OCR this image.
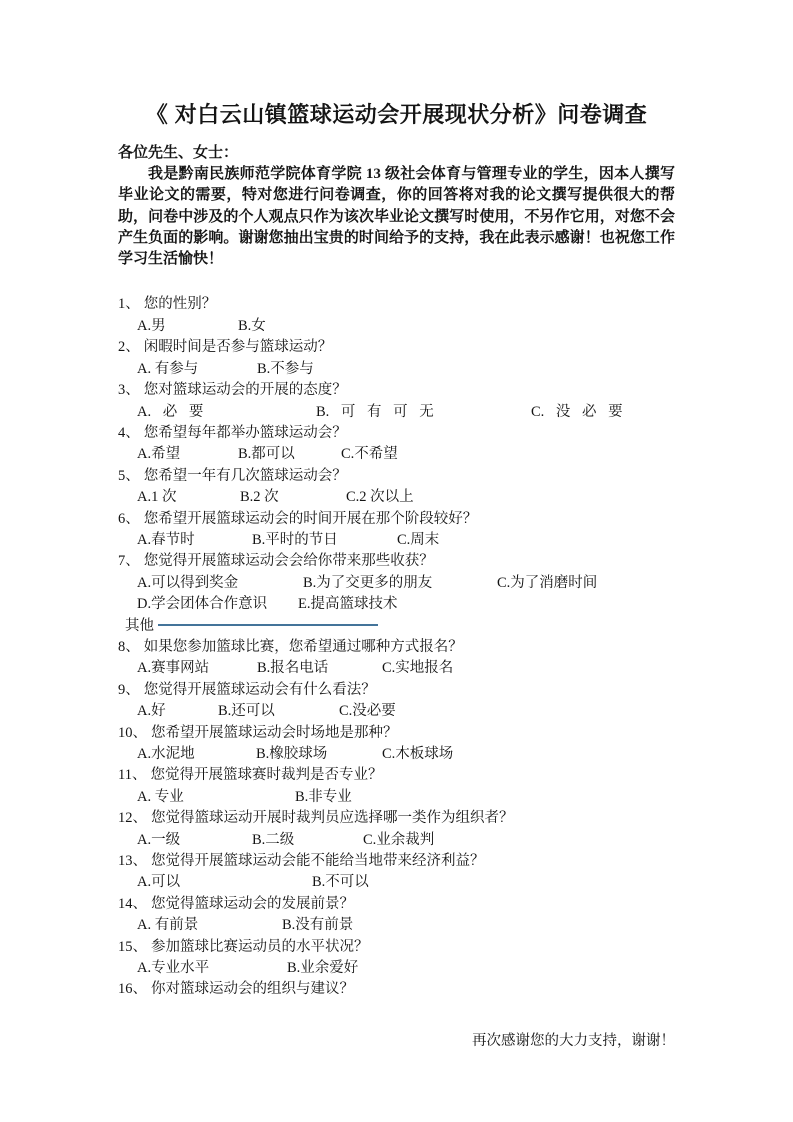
《 对白云山镇篮球运动会开展现状分析》问卷调查
各位先生、女士：

我是黔南民族师范学院体育学院 13 级社会体育与管理专业的学生，因本人撰写毕业论文的需要，特对您进行问卷调查，你的回答将对我的论文撰写提供很大的帮助，问卷中涉及的个人观点只作为该次毕业论文撰写时使用，不另作它用，对您不会产生负面的影响。谢谢您抽出宝贵的时间给予的支持，我在此表示感谢！也祝您工作学习生活愉快！

1、 您的性别？
A.男	B.女
2、 闲暇时间是否参与篮球运动？
A. 有参与	B.不参与
3、 您对篮球运动会的开展的态度？
A. 必 要	B. 可 有 可 无	C. 没 必 要
4、 您希望每年都举办篮球运动会？
A.希望	B.都可以	C.不希望
5、 您希望一年有几次篮球运动会？
A.1 次	B.2 次	C.2 次以上
6、 您希望开展篮球运动会的时间开展在那个阶段较好？
A.春节时	B.平时的节日	C.周末
7、 您觉得开展篮球运动会会给你带来那些收获？
A.可以得到奖金	B.为了交更多的朋友	C.为了消磨时间
D.学会团体合作意识 E.提高篮球技术
其他
8、 如果您参加篮球比赛，您希望通过哪种方式报名？
A.赛事网站	B.报名电话	C.实地报名
9、 您觉得开展篮球运动会有什么看法？
A.好	B.还可以	C.没必要
10、 您希望开展篮球运动会时场地是那种？
A.水泥地	B.橡胶球场	C.木板球场
11、 您觉得开展篮球赛时裁判是否专业？
A. 专业	B.非专业
12、 您觉得篮球运动开展时裁判员应选择哪一类作为组织者？
A.一级	B.二级	C.业余裁判
13、 您觉得开展篮球运动会能不能给当地带来经济利益？
A.可以	B.不可以
14、 您觉得篮球运动会的发展前景？
A. 有前景	B.没有前景
15、 参加篮球比赛运动员的水平状况？
A.专业水平	B.业余爱好
16、 你对篮球运动会的组织与建议？
再次感谢您的大力支持，谢谢！
